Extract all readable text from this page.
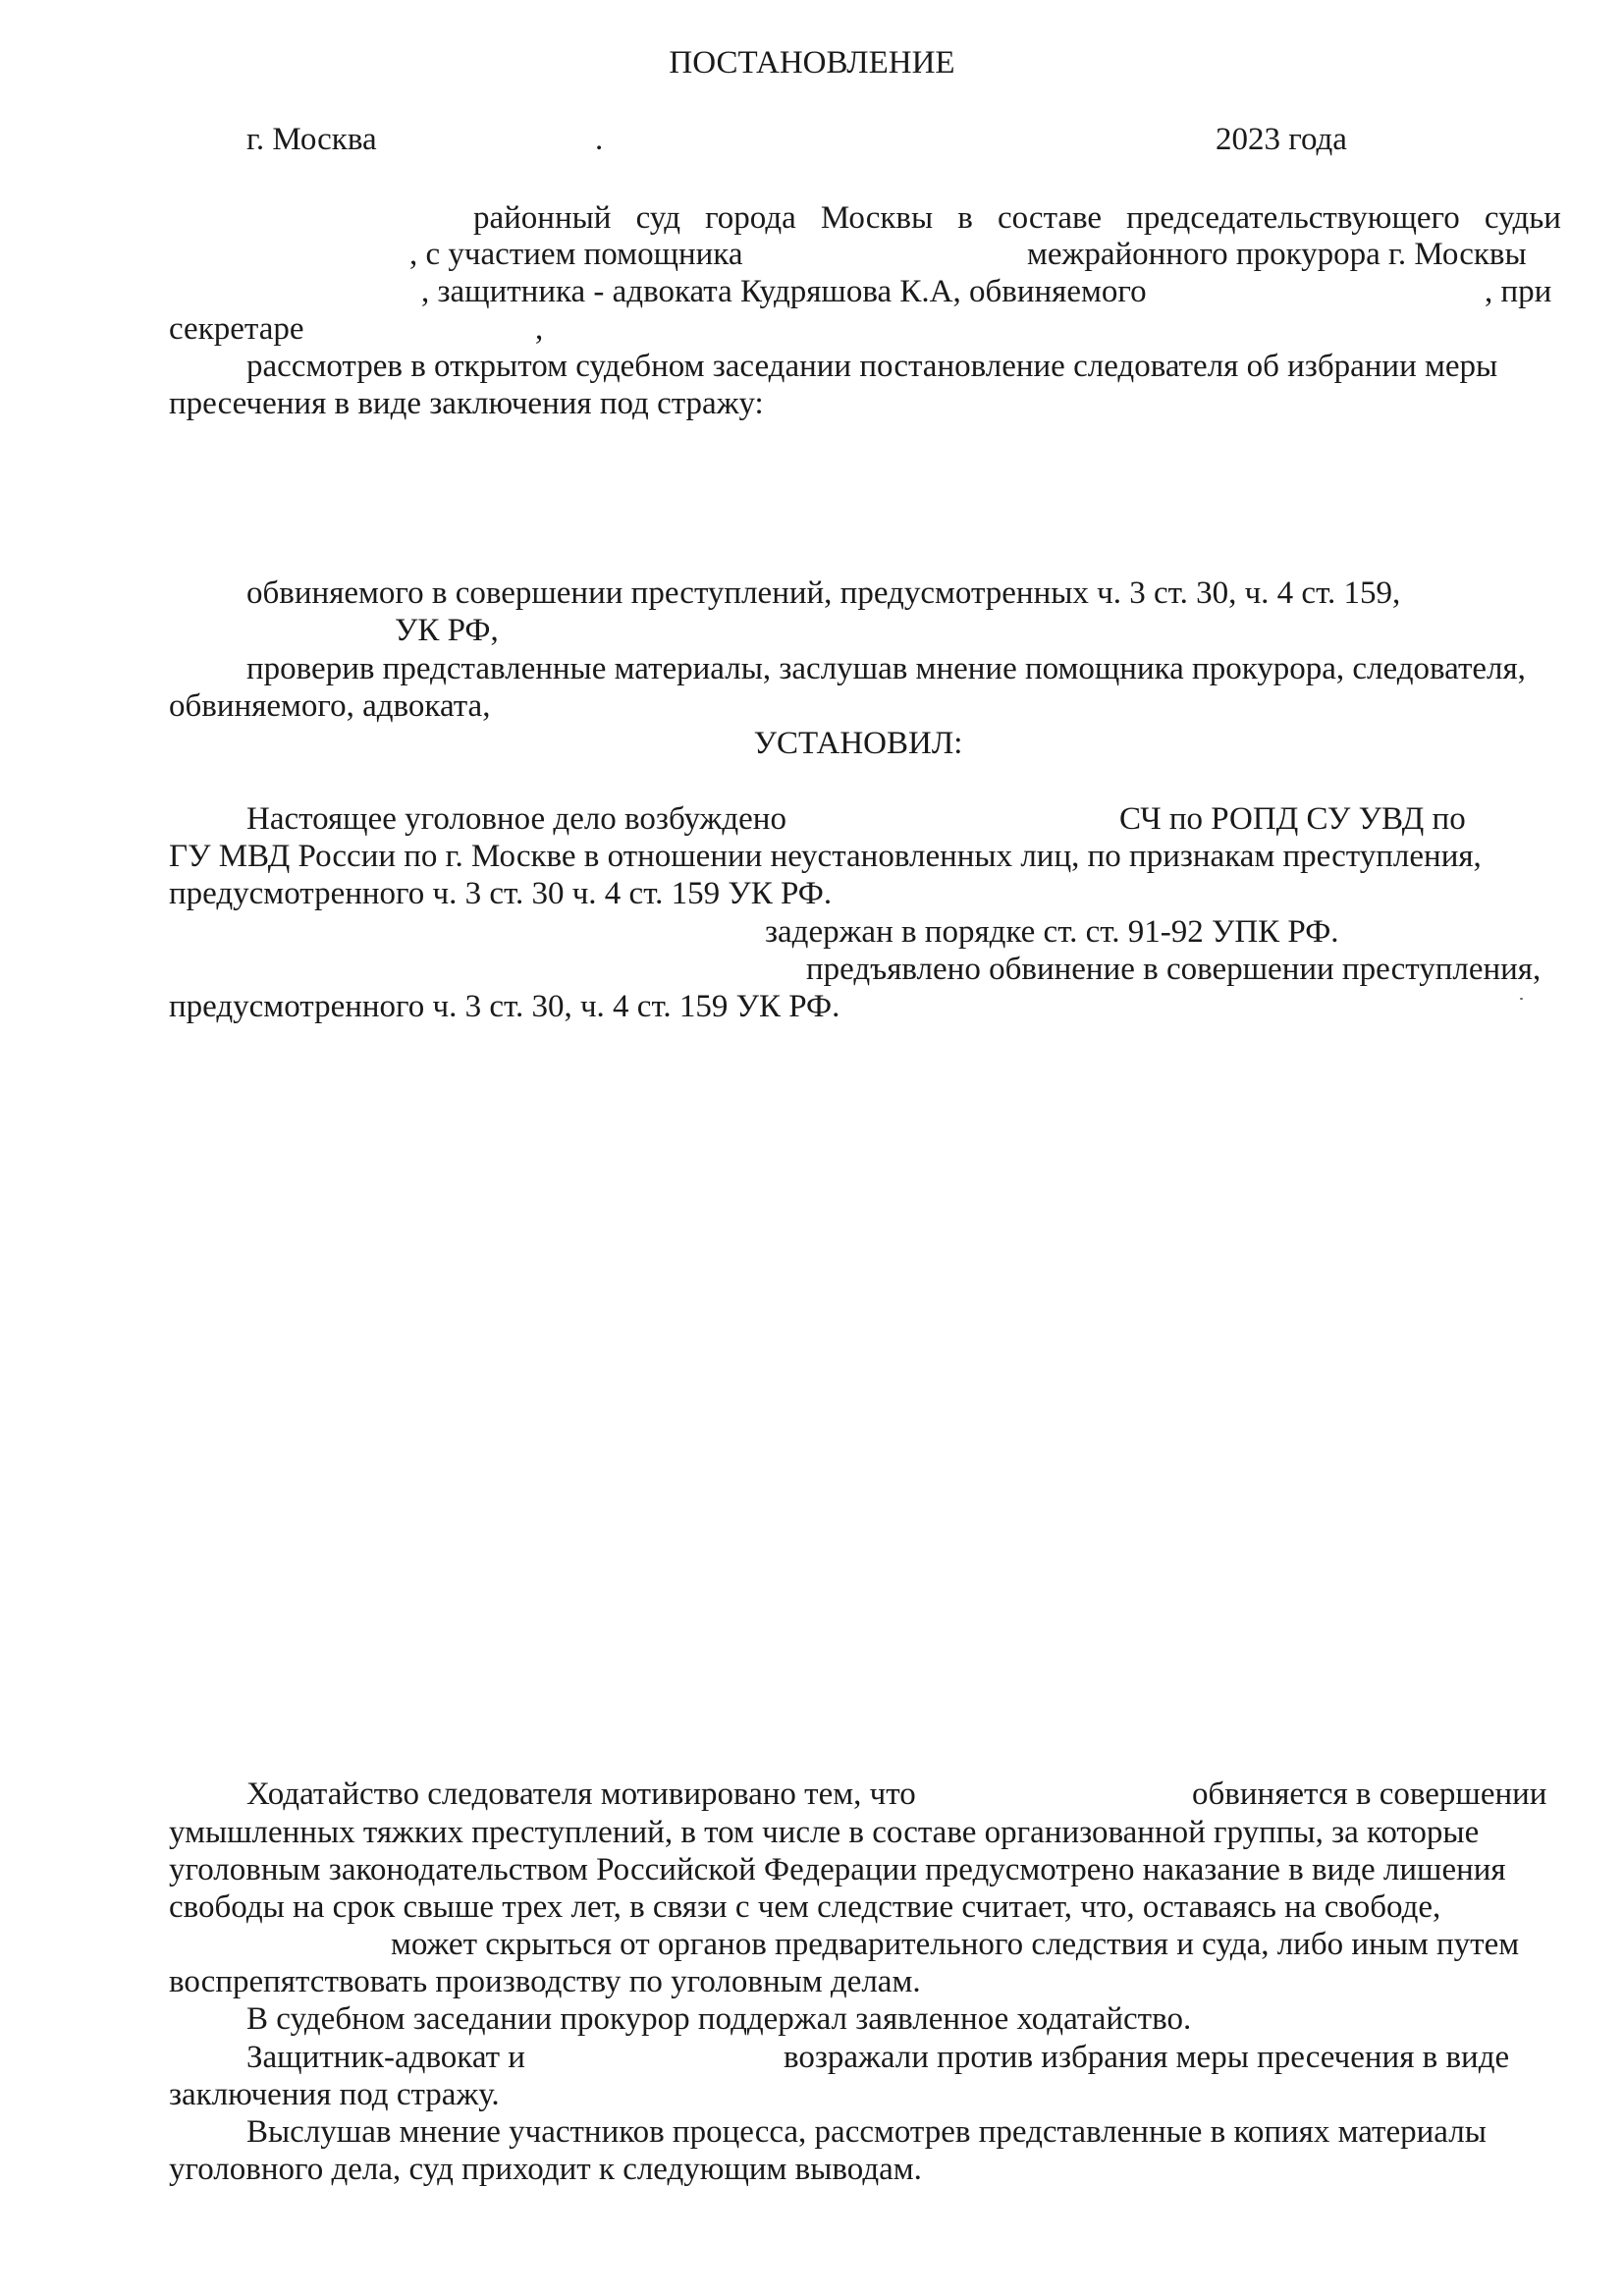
ПОСТАНОВЛЕНИЕ
г. Москва	.	2023 года
районный суд города Москвы в составе председательствующего судьи
, с участием помощника	межрайонного прокурора г. Москвы
, защитника - адвоката Кудряшова К.А, обвиняемого	, при
секретаре	,
рассмотрев в открытом судебном заседании постановление следователя об избрании меры
пресечения в виде заключения под стражу:
обвиняемого в совершении преступлений, предусмотренных ч. 3 ст. 30, ч. 4 ст. 159,
УК РФ,
проверив представленные материалы, заслушав мнение помощника прокурора, следователя,
обвиняемого, адвоката,
УСТАНОВИЛ:
Настоящее уголовное дело возбуждено	СЧ по РОПД СУ УВД по
ГУ МВД России по г. Москве в отношении неустановленных лиц, по признакам преступления,
предусмотренного ч. 3 ст. 30 ч. 4 ст. 159 УК РФ.
задержан в порядке ст. ст. 91-92 УПК РФ.
предъявлено обвинение в совершении преступления,
предусмотренного ч. 3 ст. 30, ч. 4 ст. 159 УК РФ.
Ходатайство следователя мотивировано тем, что	обвиняется в совершении
умышленных тяжких преступлений, в том числе в составе организованной группы, за которые
уголовным законодательством Российской Федерации предусмотрено наказание в виде лишения
свободы на срок свыше трех лет, в связи с чем следствие считает, что, оставаясь на свободе,
может скрыться от органов предварительного следствия и суда, либо иным путем
воспрепятствовать производству по уголовным делам.
В судебном заседании прокурор поддержал заявленное ходатайство.
Защитник-адвокат и	возражали против избрания меры пресечения в виде
заключения под стражу.
Выслушав мнение участников процесса, рассмотрев представленные в копиях материалы
уголовного дела, суд приходит к следующим выводам.
